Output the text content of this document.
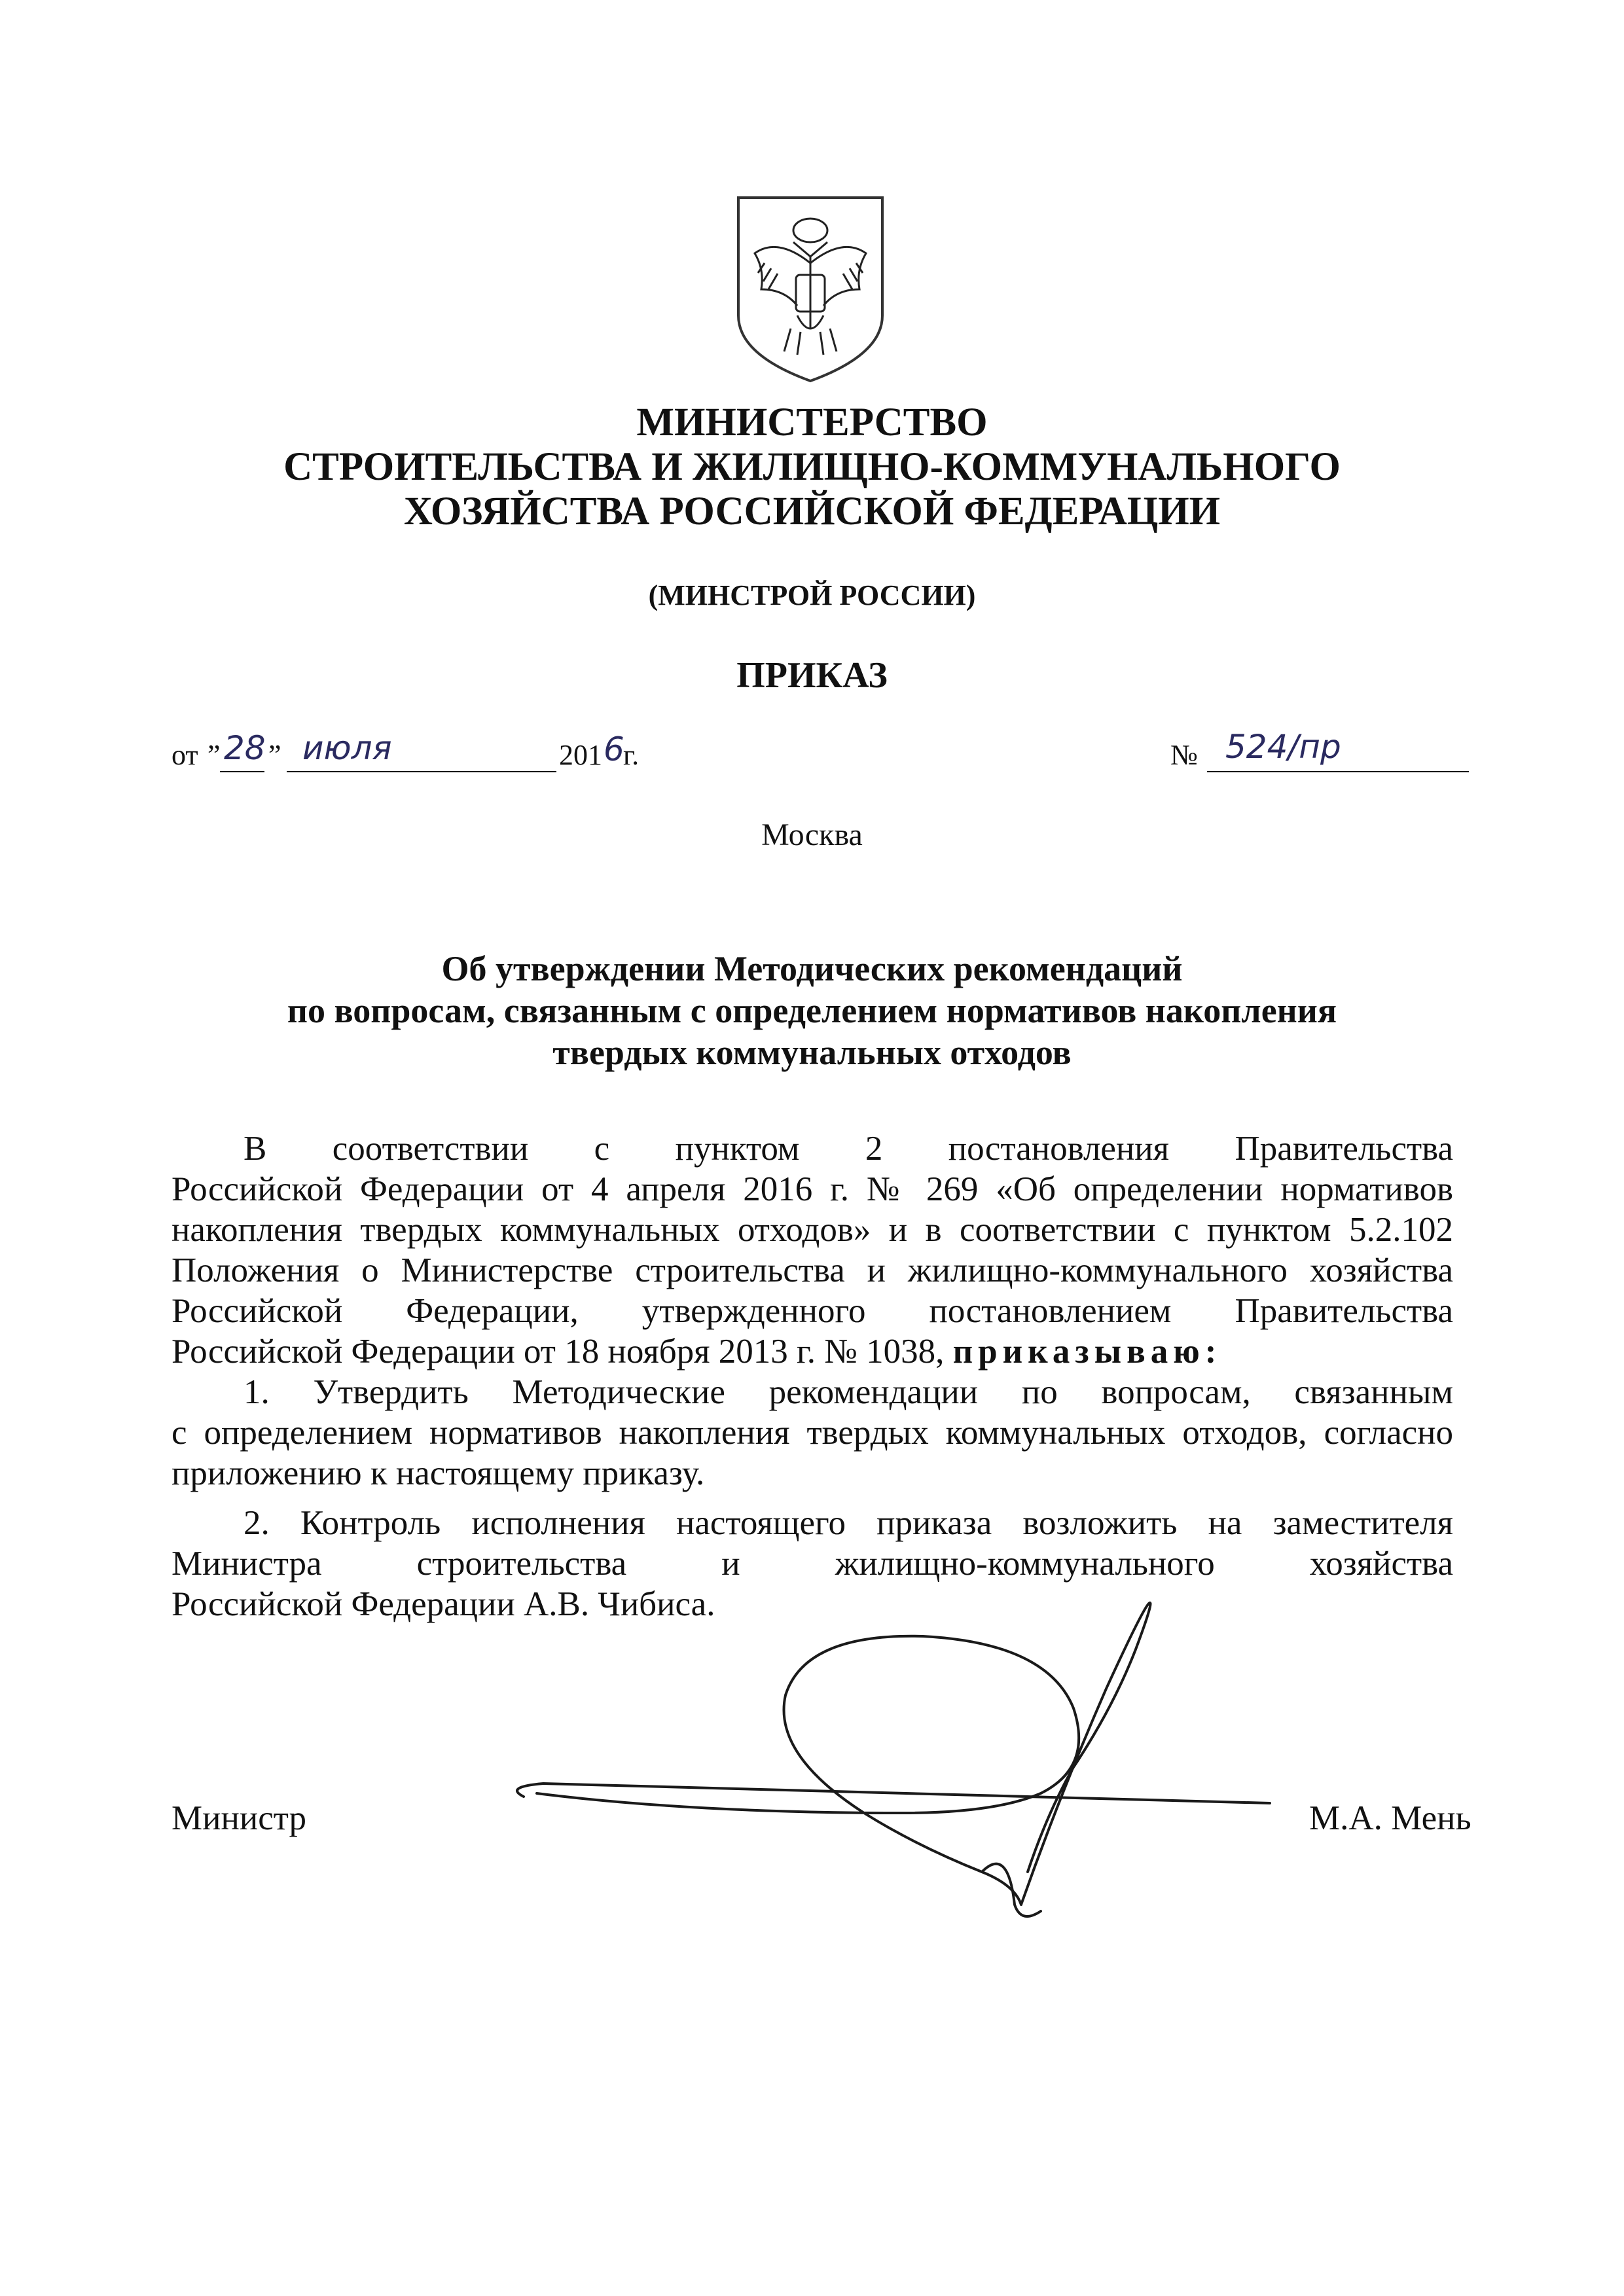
МИНИСТЕРСТВО
СТРОИТЕЛЬСТВА И ЖИЛИЩНО-КОММУНАЛЬНОГО
ХОЗЯЙСТВА РОССИЙСКОЙ ФЕДЕРАЦИИ
(МИНСТРОЙ РОССИИ)
ПРИКАЗ
от ” 28 ” июля	201 6
г.	№ 524/пр
Москва
Об утверждении Методических рекомендаций
по вопросам, связанным с определением нормативов накопления
твердых коммунальных отходов
В соответствии с пунктом 2 постановления Правительства
Российской Федерации от 4 апреля 2016 г. № 269 «Об определении нормативов
накопления твердых коммунальных отходов» и в соответствии с пунктом 5.2.102
Положения о Министерстве строительства и жилищно-коммунального хозяйства
Российской Федерации, утвержденного постановлением Правительства
Российской Федерации от 18 ноября 2013 г. № 1038, приказываю:
1. Утвердить Методические рекомендации по вопросам, связанным
с определением нормативов накопления твердых коммунальных отходов, согласно
приложению к настоящему приказу.
2. Контроль исполнения настоящего приказа возложить на заместителя
Министра строительства и жилищно-коммунального хозяйства
Российской Федерации А.В. Чибиса.
Министр	М.А. Мень
